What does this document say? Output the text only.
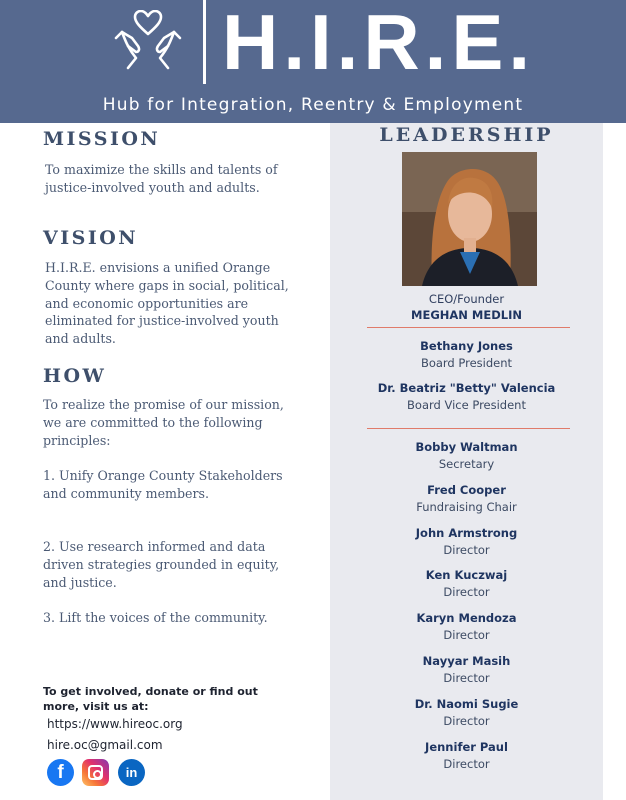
H.I.R.E.
Hub for Integration, Reentry & Employment
MISSION
To maximize the skills and talents of justice-involved youth and adults.
VISION
H.I.R.E. envisions a unified Orange County where gaps in social, political, and economic opportunities are eliminated for justice-involved youth and adults.
HOW
To realize the promise of our mission, we are committed to the following principles:
1. Unify Orange County Stakeholders and community members.
2. Use research informed and data driven strategies grounded in equity, and justice.
3. Lift the voices of the community.
To get involved, donate or find out more, visit us at:
https://www.hireoc.org
hire.oc@gmail.com
f	in
LEADERSHIP
CEO/Founder
MEGHAN MEDLIN
Bethany Jones
Board President
Dr. Beatriz "Betty" Valencia
Board Vice President
Bobby Waltman
Secretary
Fred Cooper
Fundraising Chair
John Armstrong
Director
Ken Kuczwaj
Director
Karyn Mendoza
Director
Nayyar Masih
Director
Dr. Naomi Sugie
Director
Jennifer Paul
Director
